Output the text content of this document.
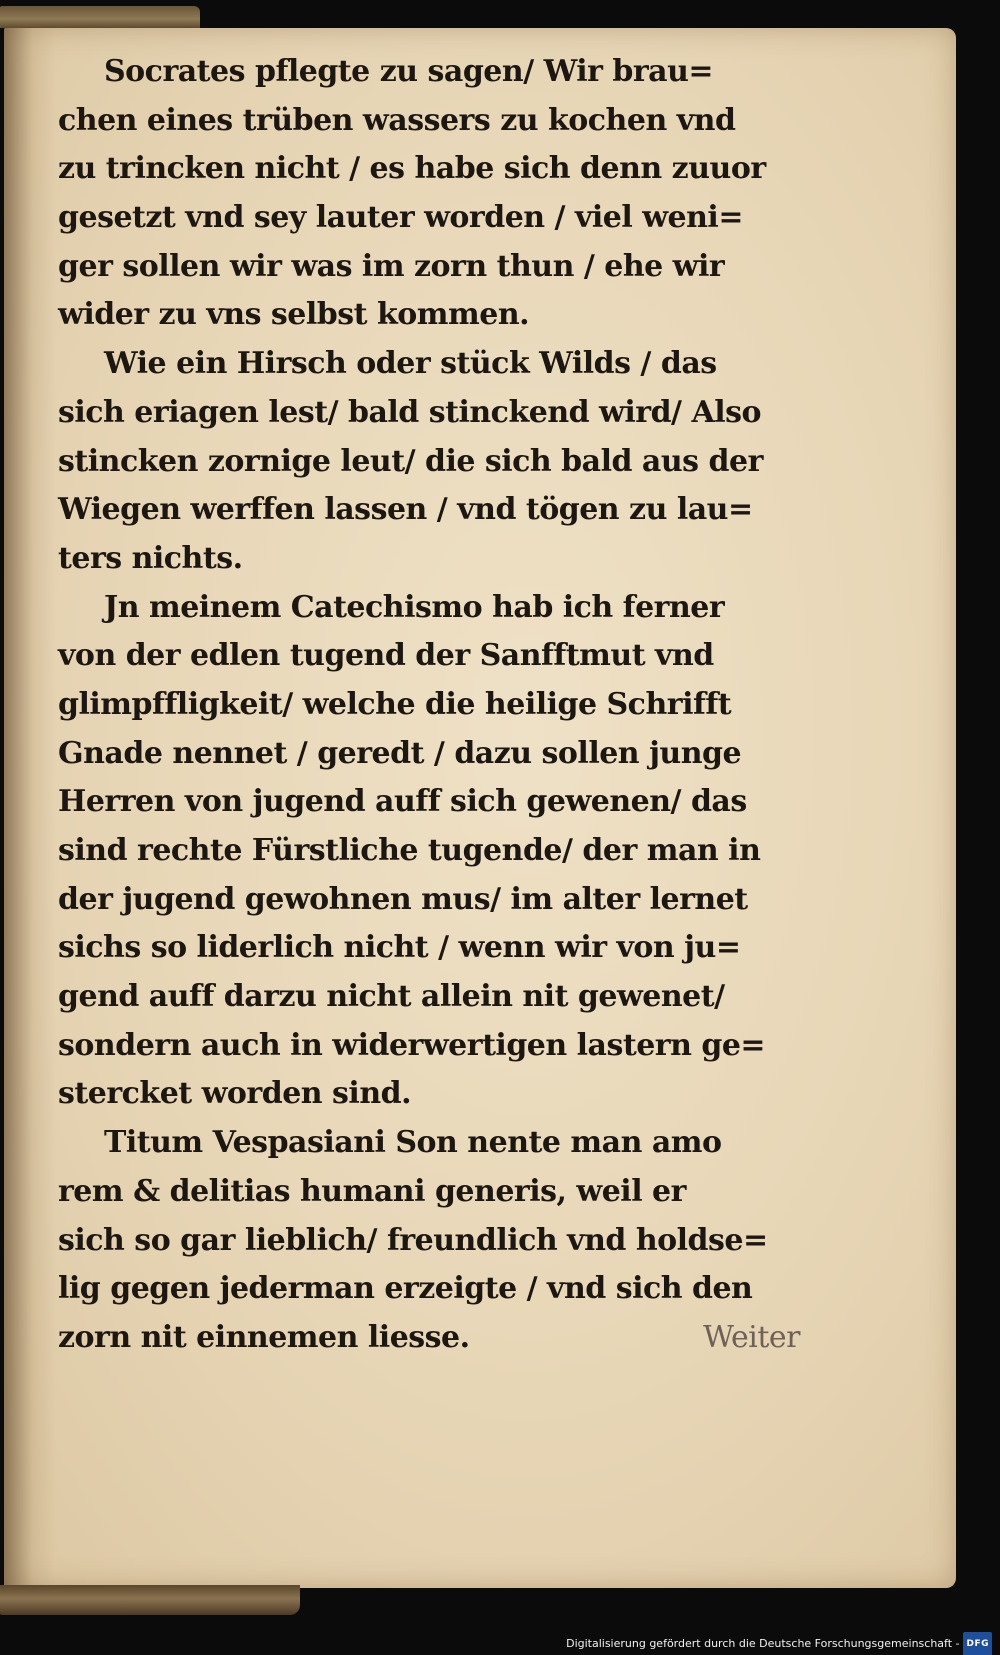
Socrates pflegte zu sagen/ Wir brau=
chen eines trüben wassers zu kochen vnd
zu trincken nicht / es habe sich denn zuuor
gesetzt vnd sey lauter worden / viel weni=
ger sollen wir was im zorn thun / ehe wir
wider zu vns selbst kommen.
Wie ein Hirsch oder stück Wilds / das
sich eriagen lest/ bald stinckend wird/ Also
stincken zornige leut/ die sich bald aus der
Wiegen werffen lassen / vnd tögen zu lau=
ters nichts.
Jn meinem Catechismo hab ich ferner
von der edlen tugend der Sanfftmut vnd
glimpffligkeit/ welche die heilige Schrifft
Gnade nennet / geredt / dazu sollen junge
Herren von jugend auff sich gewenen/ das
sind rechte Fürstliche tugende/ der man in
der jugend gewohnen mus/ im alter lernet
sichs so liderlich nicht / wenn wir von ju=
gend auff darzu nicht allein nit gewenet/
sondern auch in widerwertigen lastern ge=
stercket worden sind.
Titum Vespasiani Son nente man amo
rem & delitias humani generis, weil er
sich so gar lieblich/ freundlich vnd holdse=
lig gegen jederman erzeigte / vnd sich den
zorn nit einnemen liesse.	Weiter
Digitalisierung gefördert durch die Deutsche Forschungsgemeinschaft - DFG
